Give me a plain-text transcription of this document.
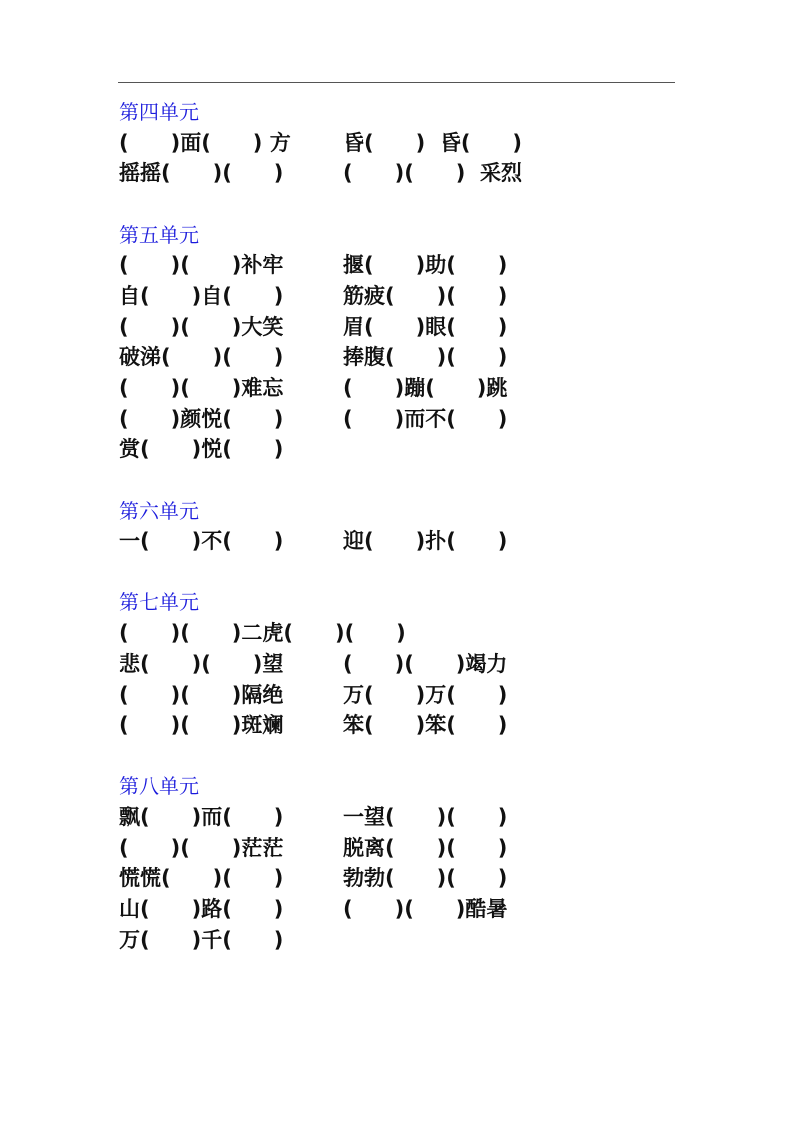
第四单元
(　　)面(　　) 方	昏(　　)  昏(　　)
摇摇(　　)(　　)	(　　)(　　)  采烈
第五单元
(　　)(　　)补牢	揠(　　)助(　　)
自(　　)自(　　)	筋疲(　　)(　　)
(　　)(　　)大笑	眉(　　)眼(　　)
破涕(　　)(　　)	捧腹(　　)(　　)
(　　)(　　)难忘	(　　)蹦(　　)跳
(　　)颜悦(　　)	(　　)而不(　　)
赏(　　)悦(　　)
第六单元
一(　　)不(　　)	迎(　　)扑(　　)
第七单元
(　　)(　　)二虎(　　)(　　)
悲(　　)(　　)望	(　　)(　　)竭力
(　　)(　　)隔绝	万(　　)万(　　)
(　　)(　　)斑斓	笨(　　)笨(　　)
第八单元
飘(　　)而(　　)	一望(　　)(　　)
(　　)(　　)茫茫	脱离(　　)(　　)
慌慌(　　)(　　)	勃勃(　　)(　　)
山(　　)路(　　)	(　　)(　　)酷暑
万(　　)千(　　)
